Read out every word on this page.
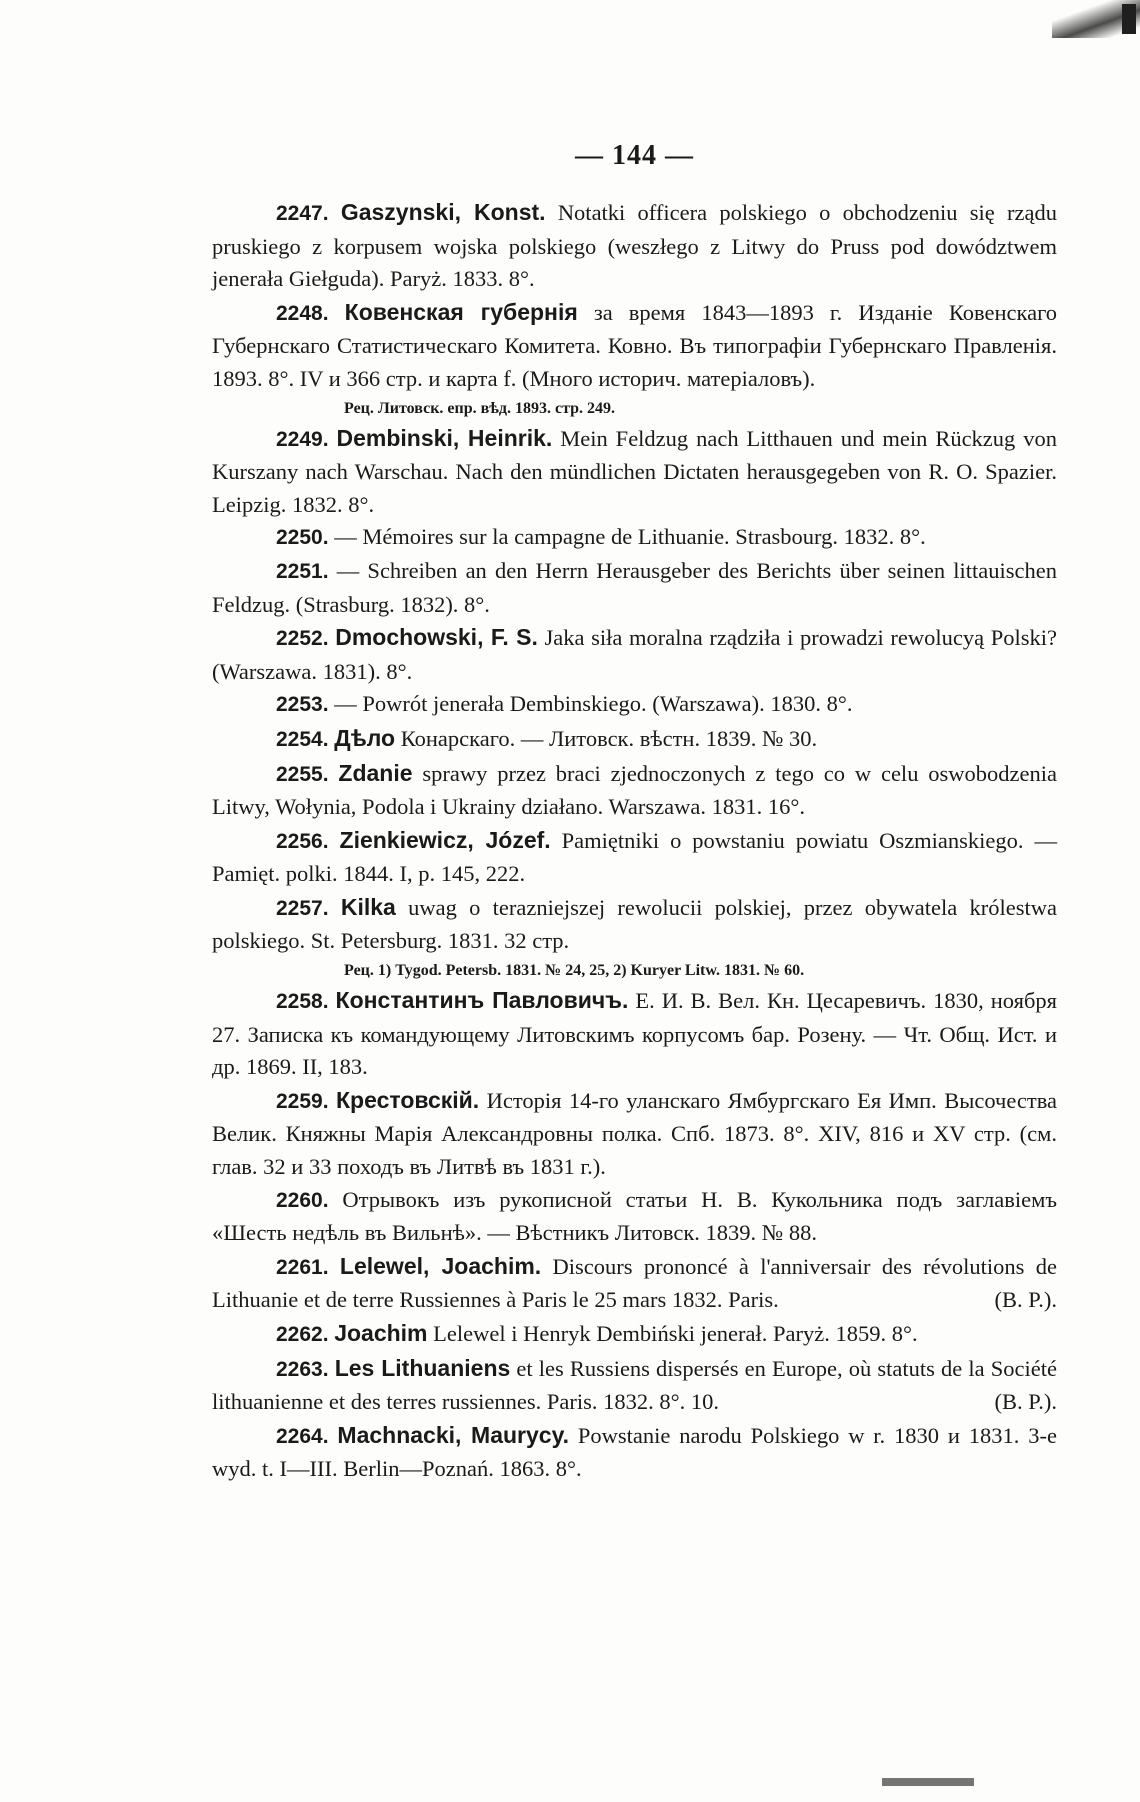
— 144 —

2247. Gaszynski, Konst. Notatki officera polskiego o obchodzeniu się rządu pruskiego z korpusem wojska polskiego (weszłego z Litwy do Pruss pod dowództwem jenerała Giełguda). Paryż. 1833. 8°.

2248. Ковенская губернія за время 1843—1893 г. Изданіе Ковенскаго Губернскаго Статистическаго Комитета. Ковно. Въ типографіи Губернскаго Правленія. 1893. 8°. IV и 366 стр. и карта f. (Много историч. матеріаловъ).
Рец. Литовск. епр. вѣд. 1893. стр. 249.

2249. Dembinski, Heinrik. Mein Feldzug nach Litthauen und mein Rückzug von Kurszany nach Warschau. Nach den mündlichen Dictaten herausgegeben von R. O. Spazier. Leipzig. 1832. 8°.

2250. — Mémoires sur la campagne de Lithuanie. Strasbourg. 1832. 8°.

2251. — Schreiben an den Herrn Herausgeber des Berichts über seinen littauischen Feldzug. (Strasburg. 1832). 8°.

2252. Dmochowski, F. S. Jaka siła moralna rządziła i prowadzi rewolucyą Polski? (Warszawa. 1831). 8°.

2253. — Powrót jenerała Dembinskiego. (Warszawa). 1830. 8°.

2254. Дѣло Конарскаго. — Литовск. вѣстн. 1839. № 30.

2255. Zdanie sprawy przez braci zjednoczonych z tego co w celu oswobodzenia Litwy, Wołynia, Podola i Ukrainy działano. Warszawa. 1831. 16°.

2256. Zienkiewicz, Józef. Pamiętniki o powstaniu powiatu Oszmianskiego. — Pamięt. polki. 1844. I, p. 145, 222.

2257. Kilka uwag o terazniejszej rewolucii polskiej, przez obywatela królestwa polskiego. St. Petersburg. 1831. 32 стр.
Рец. 1) Tygod. Petersb. 1831. № 24, 25, 2) Kuryer Litw. 1831. № 60.

2258. Константинъ Павловичъ. Е. И. В. Вел. Кн. Цесаревичъ. 1830, ноября 27. Записка къ командующему Литовскимъ корпусомъ бар. Розену. — Чт. Общ. Ист. и др. 1869. II, 183.

2259. Крестовскій. Исторія 14-го уланскаго Ямбургскаго Ея Имп. Высочества Велик. Княжны Марія Александровны полка. Спб. 1873. 8°. XIV, 816 и XV стр. (см. глав. 32 и 33 походъ въ Литвѣ въ 1831 г.).

2260. Отрывокъ изъ рукописной статьи Н. В. Кукольника подъ заглавіемъ «Шесть недѣль въ Вильнѣ». — Вѣстникъ Литовск. 1839. № 88.

2261. Lelewel, Joachim. Discours prononcé à l'anniversair des révolutions de Lithuanie et de terre Russiennes à Paris le 25 mars 1832. Paris.	(B. P.).

2262. Joachim Lelewel i Henryk Dembiński jenerał. Paryż. 1859. 8°.

2263. Les Lithuaniens et les Russiens dispersés en Europe, où statuts de la Société lithuanienne et des terres russiennes. Paris. 1832. 8°. 10.	(B. P.).

2264. Machnacki, Maurycy. Powstanie narodu Polskiego w r. 1830 и 1831. 3-е wyd. t. I—III. Berlin—Poznań. 1863. 8°.
